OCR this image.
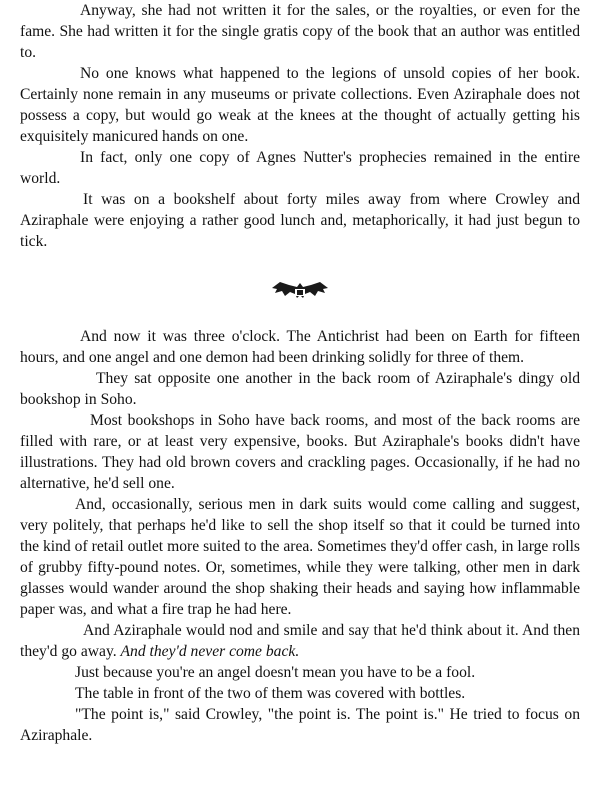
Anyway, she had not written it for the sales, or the royalties, or even for the fame. She had written it for the single gratis copy of the book that an author was entitled to.

No one knows what happened to the legions of unsold copies of her book. Certainly none remain in any museums or private collections. Even Aziraphale does not possess a copy, but would go weak at the knees at the thought of actually getting his exquisitely manicured hands on one.

In fact, only one copy of Agnes Nutter's prophecies remained in the entire world.

It was on a bookshelf about forty miles away from where Crowley and Aziraphale were enjoying a rather good lunch and, metaphorically, it had just begun to tick.

And now it was three o'clock. The Antichrist had been on Earth for fifteen hours, and one angel and one demon had been drinking solidly for three of them.

They sat opposite one another in the back room of Aziraphale's dingy old bookshop in Soho.

Most bookshops in Soho have back rooms, and most of the back rooms are filled with rare, or at least very expensive, books. But Aziraphale's books didn't have illustrations. They had old brown covers and crackling pages. Occasionally, if he had no alternative, he'd sell one.

And, occasionally, serious men in dark suits would come calling and suggest, very politely, that perhaps he'd like to sell the shop itself so that it could be turned into the kind of retail outlet more suited to the area. Sometimes they'd offer cash, in large rolls of grubby fifty-pound notes. Or, sometimes, while they were talking, other men in dark glasses would wander around the shop shaking their heads and saying how inflammable paper was, and what a fire trap he had here.

And Aziraphale would nod and smile and say that he'd think about it. And then they'd go away. And they'd never come back.

Just because you're an angel doesn't mean you have to be a fool.

The table in front of the two of them was covered with bottles.

"The point is," said Crowley, "the point is. The point is." He tried to focus on Aziraphale.
